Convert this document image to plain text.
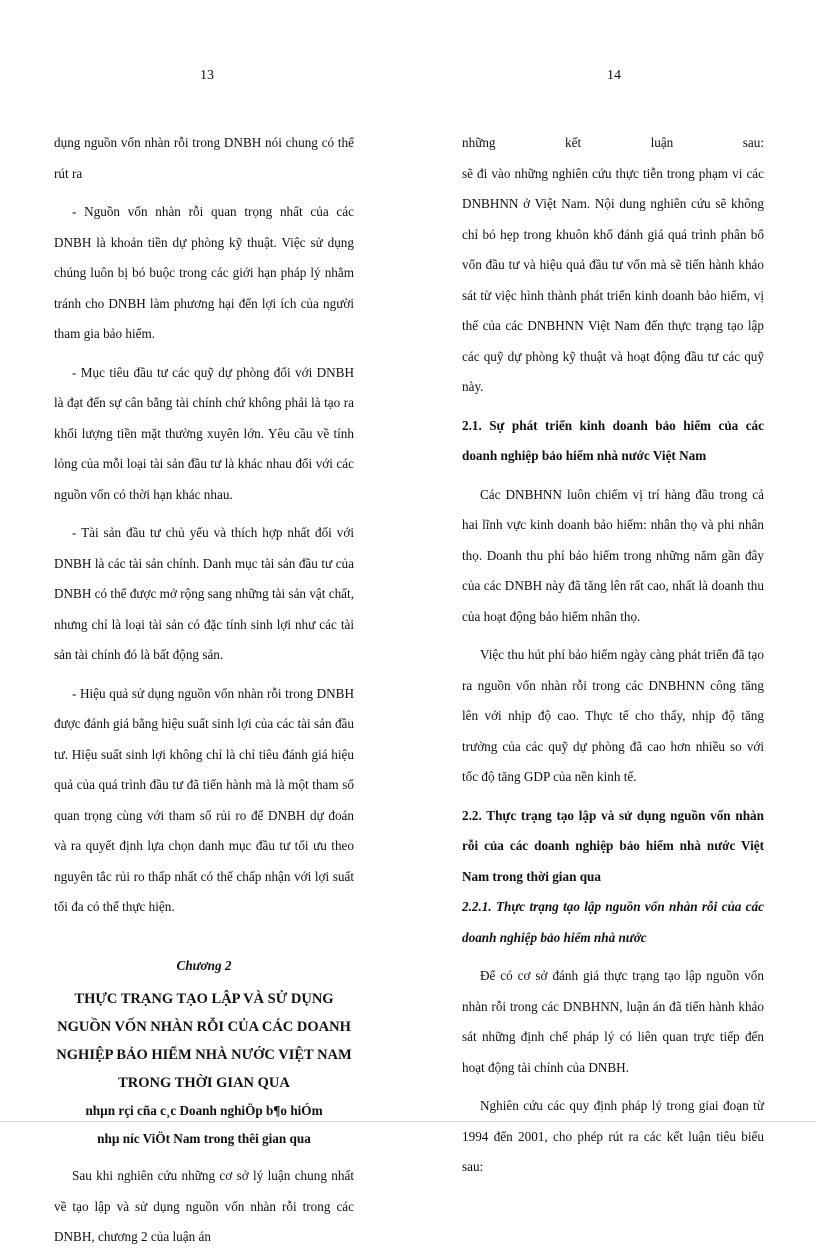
13	14

dụng nguồn vốn nhàn rỗi trong DNBH nói chung có thể rút ra

- Nguồn vốn nhàn rỗi quan trọng nhất của các DNBH là khoản tiền dự phòng kỹ thuật. Việc sử dụng chúng luôn bị bó buộc trong các giới hạn pháp lý nhằm tránh cho DNBH làm phương hại đến lợi ích của người tham gia bảo hiểm.

- Mục tiêu đầu tư các quỹ dự phòng đối với DNBH là đạt đến sự cân bằng tài chính chứ không phải là tạo ra khối lượng tiền mặt thường xuyên lớn. Yêu cầu về tính lỏng của mỗi loại tài sản đầu tư là khác nhau đối với các nguồn vốn có thời hạn khác nhau.

- Tài sản đầu tư chủ yếu và thích hợp nhất đối với DNBH là các tài sản chính. Danh mục tài sản đầu tư của DNBH có thể được mở rộng sang những tài sản vật chất, nhưng chỉ là loại tài sản có đặc tính sinh lợi như các tài sản tài chính đó là bất động sản.

- Hiệu quả sử dụng nguồn vốn nhàn rỗi trong DNBH được đánh giá bằng hiệu suất sinh lợi của các tài sản đầu tư. Hiệu suất sinh lợi không chỉ là chỉ tiêu đánh giá hiệu quả của quá trình đầu tư đã tiến hành mà là một tham số quan trọng cùng với tham số rủi ro để DNBH dự đoán và ra quyết định lựa chọn danh mục đầu tư tối ưu theo nguyên tắc rủi ro thấp nhất có thể chấp nhận với lợi suất tối đa có thể thực hiện.

Chương 2
THỰC TRẠNG TẠO LẬP VÀ SỬ DỤNG NGUỒN VỐN NHÀN RỖI CỦA CÁC DOANH NGHIỆP BẢO HIỂM NHÀ NƯỚC VIỆT NAM TRONG THỜI GIAN QUA
nhµn rçi cña c¸c Doanh nghiÖp b¶o hiÓm
nhµ níc ViÖt Nam trong thêi gian qua

Sau khi nghiên cứu những cơ sở lý luận chung nhất về tạo lập và sử dụng nguồn vốn nhàn rỗi trong các DNBH, chương 2 của luận án

những kết luận sau:

sẽ đi vào những nghiên cứu thực tiễn trong phạm vi các DNBHNN ở Việt Nam. Nội dung nghiên cứu sẽ không chỉ bó hẹp trong khuôn khổ đánh giá quá trình phân bổ vốn đầu tư và hiệu quả đầu tư vốn mà sẽ tiến hành khảo sát từ việc hình thành phát triển kinh doanh bảo hiểm, vị thế của các DNBHNN Việt Nam đến thực trạng tạo lập các quỹ dự phòng kỹ thuật và hoạt động đầu tư các quỹ này.

2.1. Sự phát triển kinh doanh bảo hiểm của các doanh nghiệp bảo hiểm nhà nước Việt Nam

Các DNBHNN luôn chiếm vị trí hàng đầu trong cả hai lĩnh vực kinh doanh bảo hiểm: nhân thọ và phi nhân thọ. Doanh thu phí bảo hiểm trong những năm gần đây của các DNBH này đã tăng lên rất cao, nhất là doanh thu của hoạt động bảo hiểm nhân thọ.

Việc thu hút phí bảo hiểm ngày càng phát triển đã tạo ra nguồn vốn nhàn rỗi trong các DNBHNN công tăng lên với nhịp độ cao. Thực tế cho thấy, nhịp độ tăng trưởng của các quỹ dự phòng đã cao hơn nhiều so với tốc độ tăng GDP của nền kinh tế.

2.2. Thực trạng tạo lập và sử dụng nguồn vốn nhàn rỗi của các doanh nghiệp bảo hiểm nhà nước Việt Nam trong thời gian qua

2.2.1. Thực trạng tạo lập nguồn vốn nhàn rỗi của các doanh nghiệp bảo hiểm nhà nước

Để có cơ sở đánh giá thực trạng tạo lập nguồn vốn nhàn rỗi trong các DNBHNN, luận án đã tiến hành khảo sát những định chế pháp lý có liên quan trực tiếp đến hoạt động tài chính của DNBH.

Nghiên cứu các quy định pháp lý trong giai đoạn từ 1994 đến 2001, cho phép rút ra các kết luận tiêu biểu sau:
